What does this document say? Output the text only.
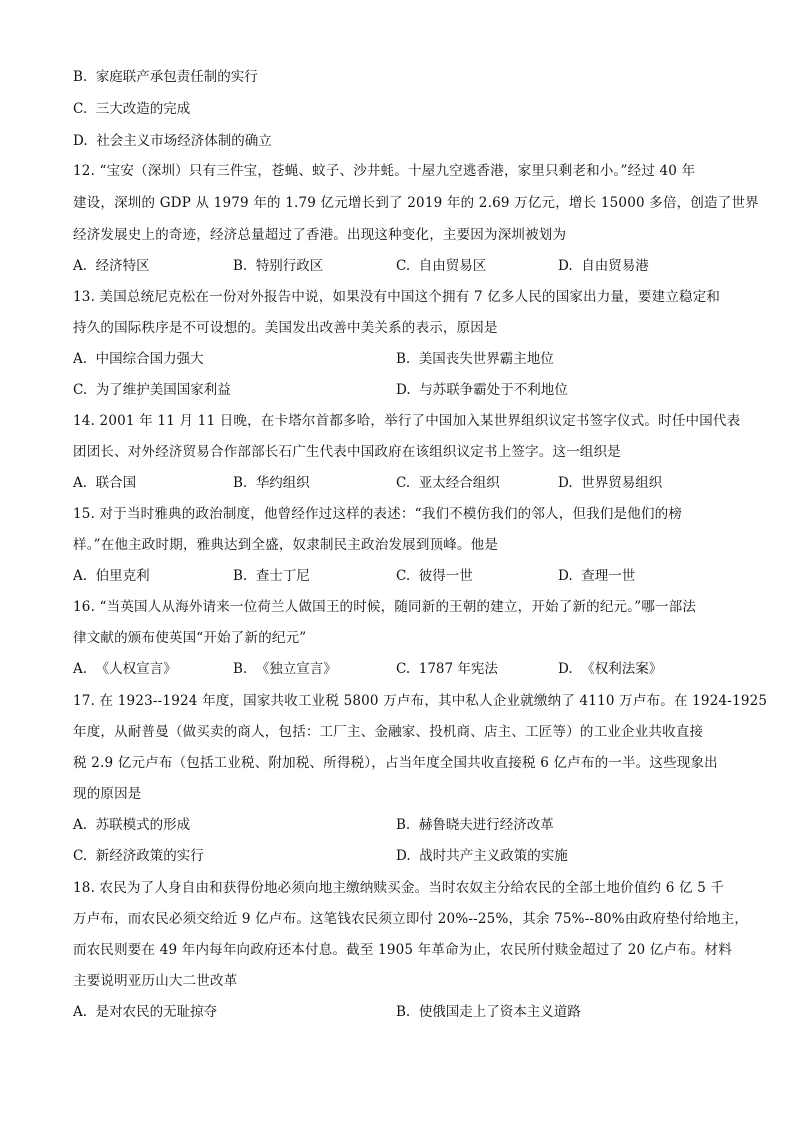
B. 家庭联产承包责任制的实行
C. 三大改造的完成
D. 社会主义市场经济体制的确立
12. “宝安（深圳）只有三件宝，苍蝇、蚊子、沙井蚝。十屋九空逃香港，家里只剩老和小。”经过 40 年
建设，深圳的 GDP 从 1979 年的 1.79 亿元增长到了 2019 年的 2.69 万亿元，增长 15000 多倍，创造了世界
经济发展史上的奇迹，经济总量超过了香港。出现这种变化，主要因为深圳被划为
A. 经济特区	B. 特别行政区	C. 自由贸易区	D. 自由贸易港
13. 美国总统尼克松在一份对外报告中说，如果没有中国这个拥有 7 亿多人民的国家出力量，要建立稳定和
持久的国际秩序是不可设想的。美国发出改善中美关系的表示，原因是
A. 中国综合国力强大	B. 美国丧失世界霸主地位
C. 为了维护美国国家利益	D. 与苏联争霸处于不利地位
14. 2001 年 11 月 11 日晚，在卡塔尔首都多哈，举行了中国加入某世界组织议定书签字仪式。时任中国代表
团团长、对外经济贸易合作部部长石广生代表中国政府在该组织议定书上签字。这一组织是
A. 联合国	B. 华约组织	C. 亚太经合组织	D. 世界贸易组织
15. 对于当时雅典的政治制度，他曾经作过这样的表述：“我们不模仿我们的邻人，但我们是他们的榜
样。”在他主政时期，雅典达到全盛，奴隶制民主政治发展到顶峰。他是
A. 伯里克利	B. 查士丁尼	C. 彼得一世	D. 查理一世
16. “当英国人从海外请来一位荷兰人做国王的时候，随同新的王朝的建立，开始了新的纪元。”哪一部法
律文献的颁布使英国“开始了新的纪元”
A. 《人权宣言》	B. 《独立宣言》	C. 1787 年宪法	D. 《权利法案》
17. 在 1923--1924 年度，国家共收工业税 5800 万卢布，其中私人企业就缴纳了 4110 万卢布。在 1924-1925
年度，从耐普曼（做买卖的商人，包括：工厂主、金融家、投机商、店主、工匠等）的工业企业共收直接
税 2.9 亿元卢布（包括工业税、附加税、所得税），占当年度全国共收直接税 6 亿卢布的一半。这些现象出
现的原因是
A. 苏联模式的形成	B. 赫鲁晓夫进行经济改革
C. 新经济政策的实行	D. 战时共产主义政策的实施
18. 农民为了人身自由和获得份地必须向地主缴纳赎买金。当时农奴主分给农民的全部土地价值约 6 亿 5 千
万卢布，而农民必须交给近 9 亿卢布。这笔钱农民须立即付 20%--25%，其余 75%--80%由政府垫付给地主，
而农民则要在 49 年内每年向政府还本付息。截至 1905 年革命为止，农民所付赎金超过了 20 亿卢布。材料
主要说明亚历山大二世改革
A. 是对农民的无耻掠夺	B. 使俄国走上了资本主义道路
